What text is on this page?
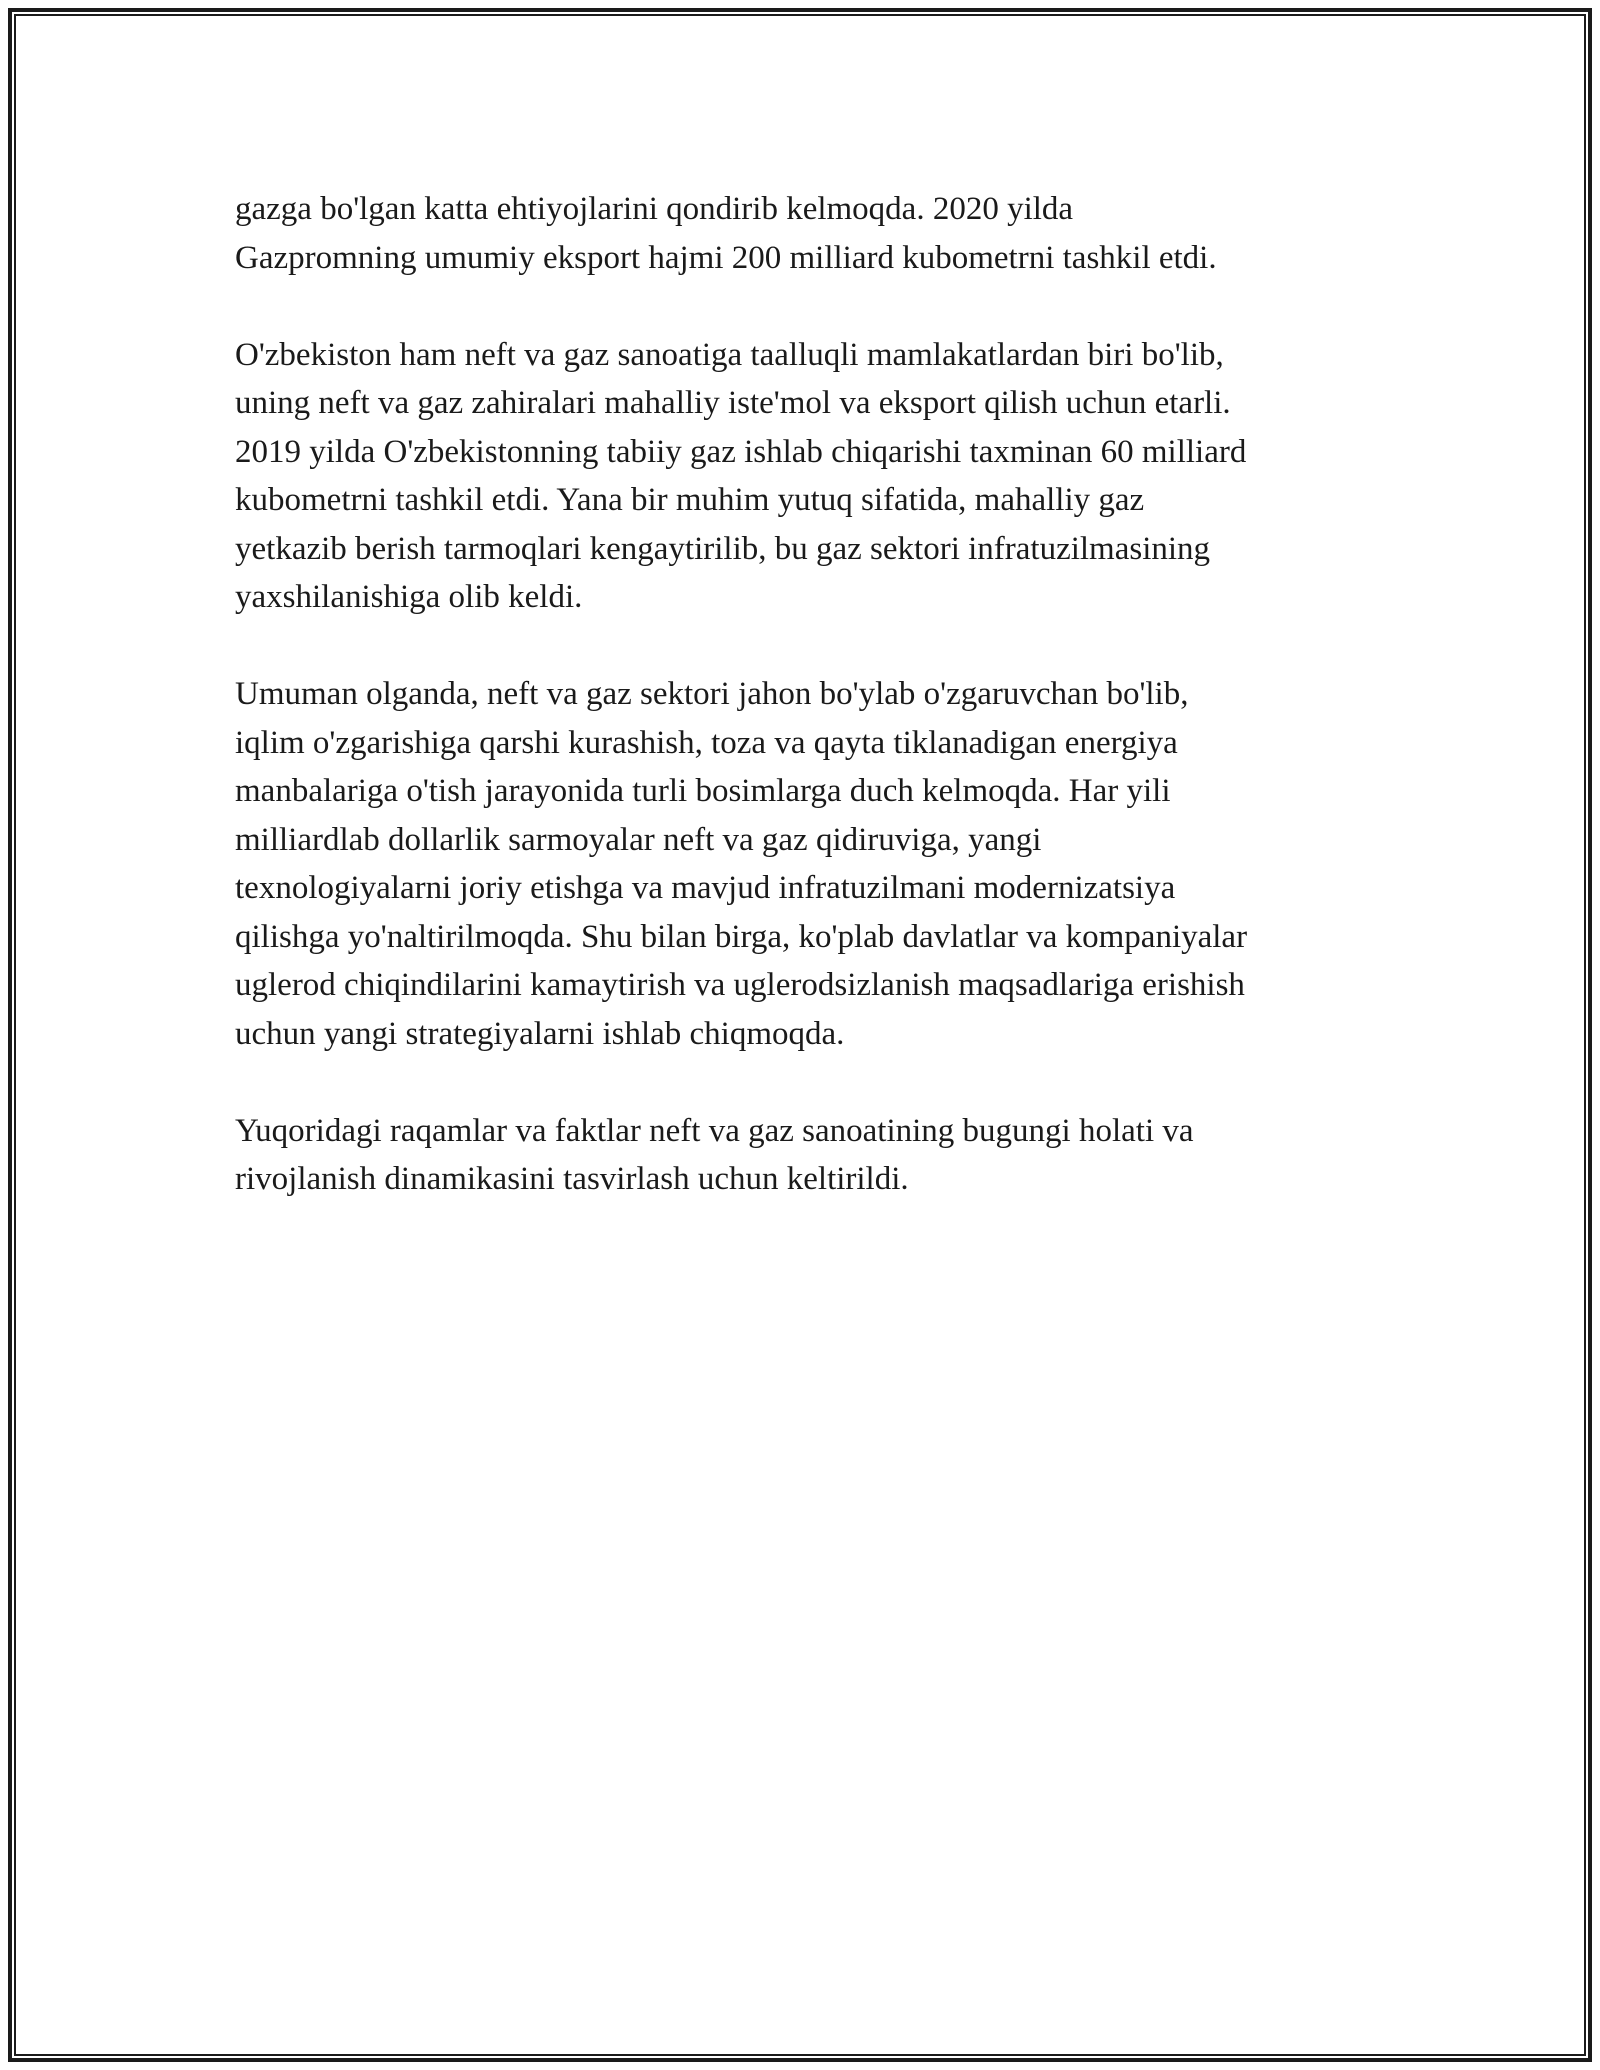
gazga bo'lgan katta ehtiyojlarini qondirib kelmoqda. 2020 yilda
Gazpromning umumiy eksport hajmi 200 milliard kubometrni tashkil etdi.

O'zbekiston ham neft va gaz sanoatiga taalluqli mamlakatlardan biri bo'lib,
uning neft va gaz zahiralari mahalliy iste'mol va eksport qilish uchun etarli.
2019 yilda O'zbekistonning tabiiy gaz ishlab chiqarishi taxminan 60 milliard
kubometrni tashkil etdi. Yana bir muhim yutuq sifatida, mahalliy gaz
yetkazib berish tarmoqlari kengaytirilib, bu gaz sektori infratuzilmasining
yaxshilanishiga olib keldi.

Umuman olganda, neft va gaz sektori jahon bo'ylab o'zgaruvchan bo'lib,
iqlim o'zgarishiga qarshi kurashish, toza va qayta tiklanadigan energiya
manbalariga o'tish jarayonida turli bosimlarga duch kelmoqda. Har yili
milliardlab dollarlik sarmoyalar neft va gaz qidiruviga, yangi
texnologiyalarni joriy etishga va mavjud infratuzilmani modernizatsiya
qilishga yo'naltirilmoqda. Shu bilan birga, ko'plab davlatlar va kompaniyalar
uglerod chiqindilarini kamaytirish va uglerodsizlanish maqsadlariga erishish
uchun yangi strategiyalarni ishlab chiqmoqda.

Yuqoridagi raqamlar va faktlar neft va gaz sanoatining bugungi holati va
rivojlanish dinamikasini tasvirlash uchun keltirildi.
